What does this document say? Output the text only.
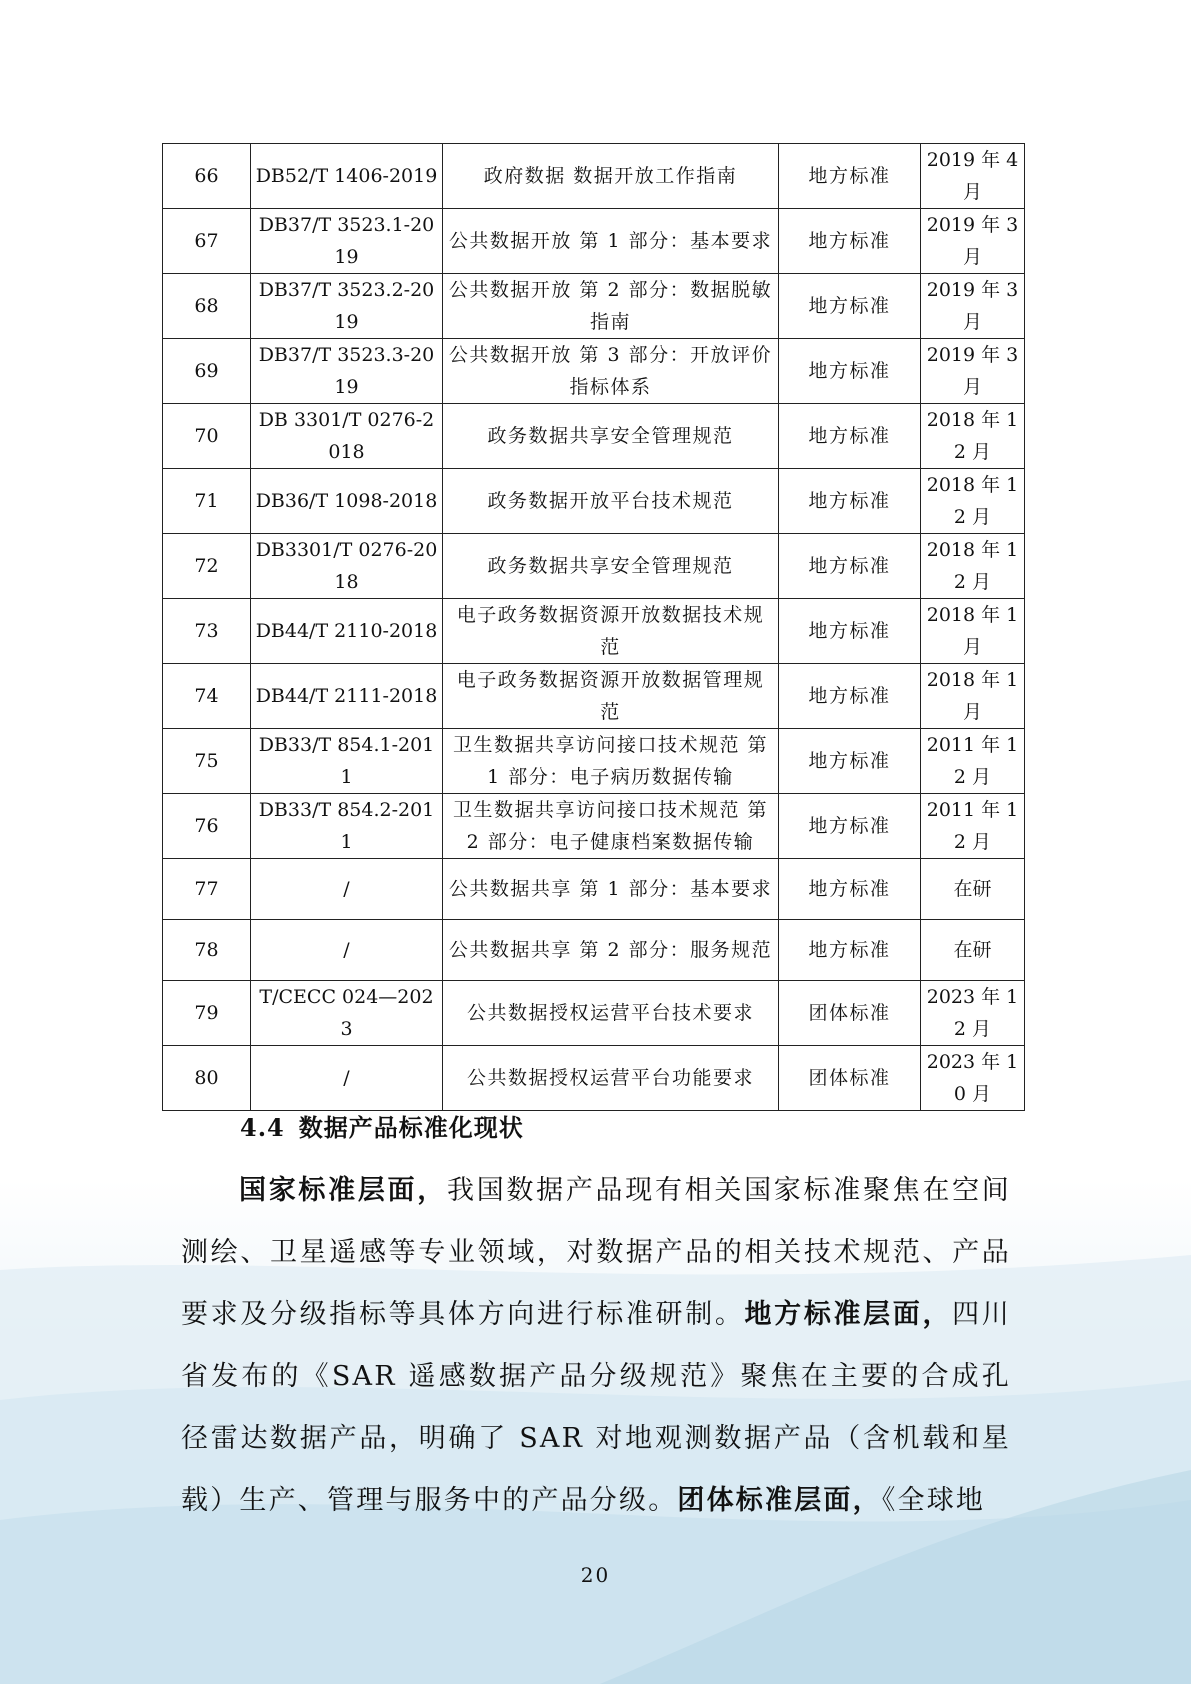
66	DB52/T 1406-2019	政府数据 数据开放工作指南	地方标准	2019 年 4 月
67	DB37/T 3523.1-2019	公共数据开放 第 1 部分：基本要求	地方标准	2019 年 3 月
68	DB37/T 3523.2-2019	公共数据开放 第 2 部分：数据脱敏指南	地方标准	2019 年 3 月
69	DB37/T 3523.3-2019	公共数据开放 第 3 部分：开放评价指标体系	地方标准	2019 年 3 月
70	DB 3301/T 0276-2018	政务数据共享安全管理规范	地方标准	2018 年 12 月
71	DB36/T 1098-2018	政务数据开放平台技术规范	地方标准	2018 年 12 月
72	DB3301/T 0276-2018	政务数据共享安全管理规范	地方标准	2018 年 12 月
73	DB44/T 2110-2018	电子政务数据资源开放数据技术规范	地方标准	2018 年 1 月
74	DB44/T 2111-2018	电子政务数据资源开放数据管理规范	地方标准	2018 年 1 月
75	DB33/T 854.1-2011	卫生数据共享访问接口技术规范 第 1 部分：电子病历数据传输	地方标准	2011 年 12 月
76	DB33/T 854.2-2011	卫生数据共享访问接口技术规范 第 2 部分：电子健康档案数据传输	地方标准	2011 年 12 月
77	/	公共数据共享 第 1 部分：基本要求	地方标准	在研
78	/	公共数据共享 第 2 部分：服务规范	地方标准	在研
79	T/CECC 024—2023	公共数据授权运营平台技术要求	团体标准	2023 年 12 月
80	/	公共数据授权运营平台功能要求	团体标准	2023 年 10 月
4.4 数据产品标准化现状

国家标准层面，我国数据产品现有相关国家标准聚焦在空间测绘、卫星遥感等专业领域，对数据产品的相关技术规范、产品要求及分级指标等具体方向进行标准研制。地方标准层面，四川省发布的《SAR 遥感数据产品分级规范》聚焦在主要的合成孔径雷达数据产品，明确了 SAR 对地观测数据产品（含机载和星载）生产、管理与服务中的产品分级。团体标准层面，《全球地

20
